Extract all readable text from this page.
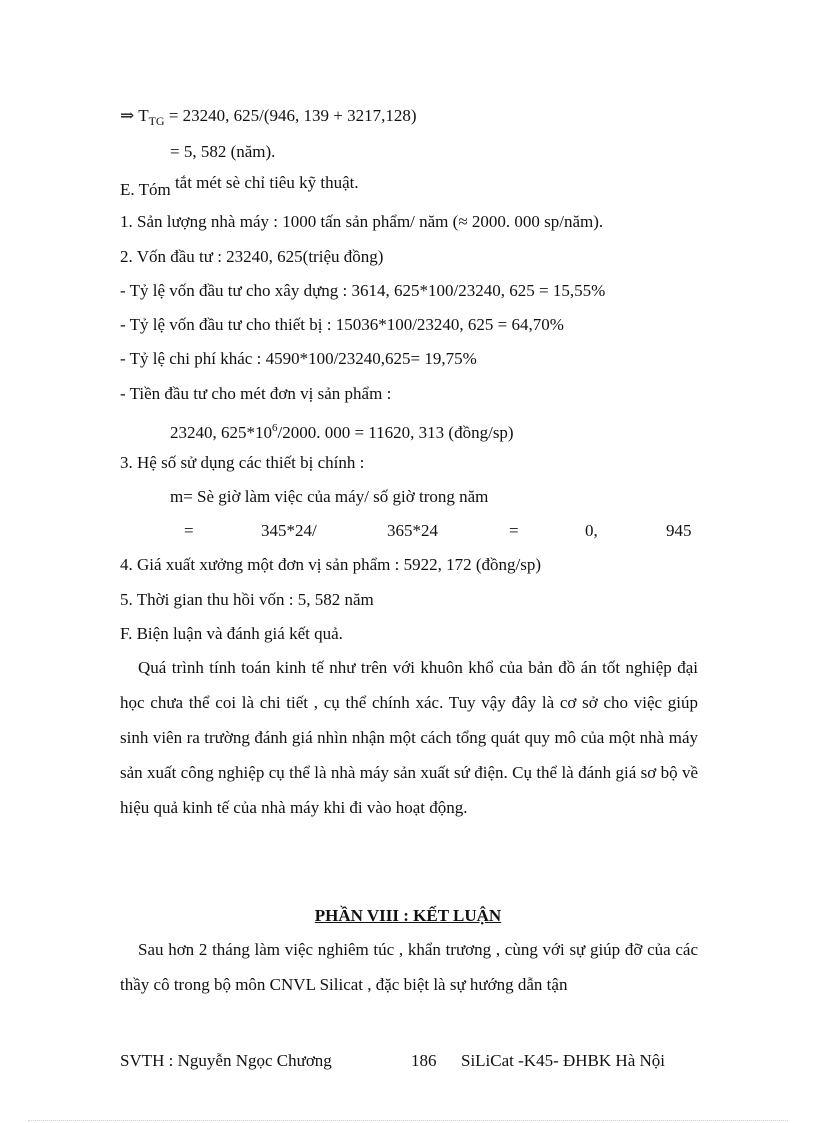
⇒ $T_{TG} = 23240$, 625/(946, 139 + 3217,128)
= 5, 582 (năm).
E. Tóm tắt mét sè chỉ tiêu kỹ thuật.
1. Sản lượng nhà máy : 1000 tấn sản phẩm/ năm (≈ 2000. 000 sp/năm).
2. Vốn đầu tư : 23240, 625(triệu đồng)
- Tỷ lệ vốn đầu tư cho xây dựng : 3614, 625*100/23240, 625 = 15,55%
- Tỷ lệ vốn đầu tư cho thiết bị : 15036*100/23240, 625 = 64,70%
- Tỷ lệ chi phí khác : 4590*100/23240,625= 19,75%
- Tiền đầu tư cho mét đơn vị sản phẩm :
23240, $625*10^6/2000$. 000 = 11620, 313 (đồng/sp)
3. Hệ số sử dụng các thiết bị chính :
m= Sè giờ làm việc của máy/ số giờ trong năm
=	345*24/	365*24	=	0,	945
4. Giá xuất xưởng một đơn vị sản phẩm : 5922, 172 (đồng/sp)
5. Thời gian thu hồi vốn : 5, 582 năm
F. Biện luận và đánh giá kết quả.
Quá trình tính toán kinh tế như trên với khuôn khổ của bản đồ án tốt nghiệp đại học chưa thể coi là chi tiết , cụ thể chính xác. Tuy vậy đây là cơ sở cho việc giúp sinh viên ra trường đánh giá nhìn nhận một cách tổng quát quy mô của một nhà máy sản xuất công nghiệp cụ thể là nhà máy sản xuất sứ điện. Cụ thể là đánh giá sơ bộ về hiệu quả kinh tế của nhà máy khi đi vào hoạt động.
PHẦN VIII : KẾT LUẬN
Sau hơn 2 tháng làm việc nghiêm túc , khẩn trương , cùng với sự giúp đỡ của các thầy cô trong bộ môn CNVL Silicat , đặc biệt là sự hướng dẫn tận
SVTH : Nguyễn Ngọc Chương	186 SiLiCat -K45- ĐHBK Hà Nội
